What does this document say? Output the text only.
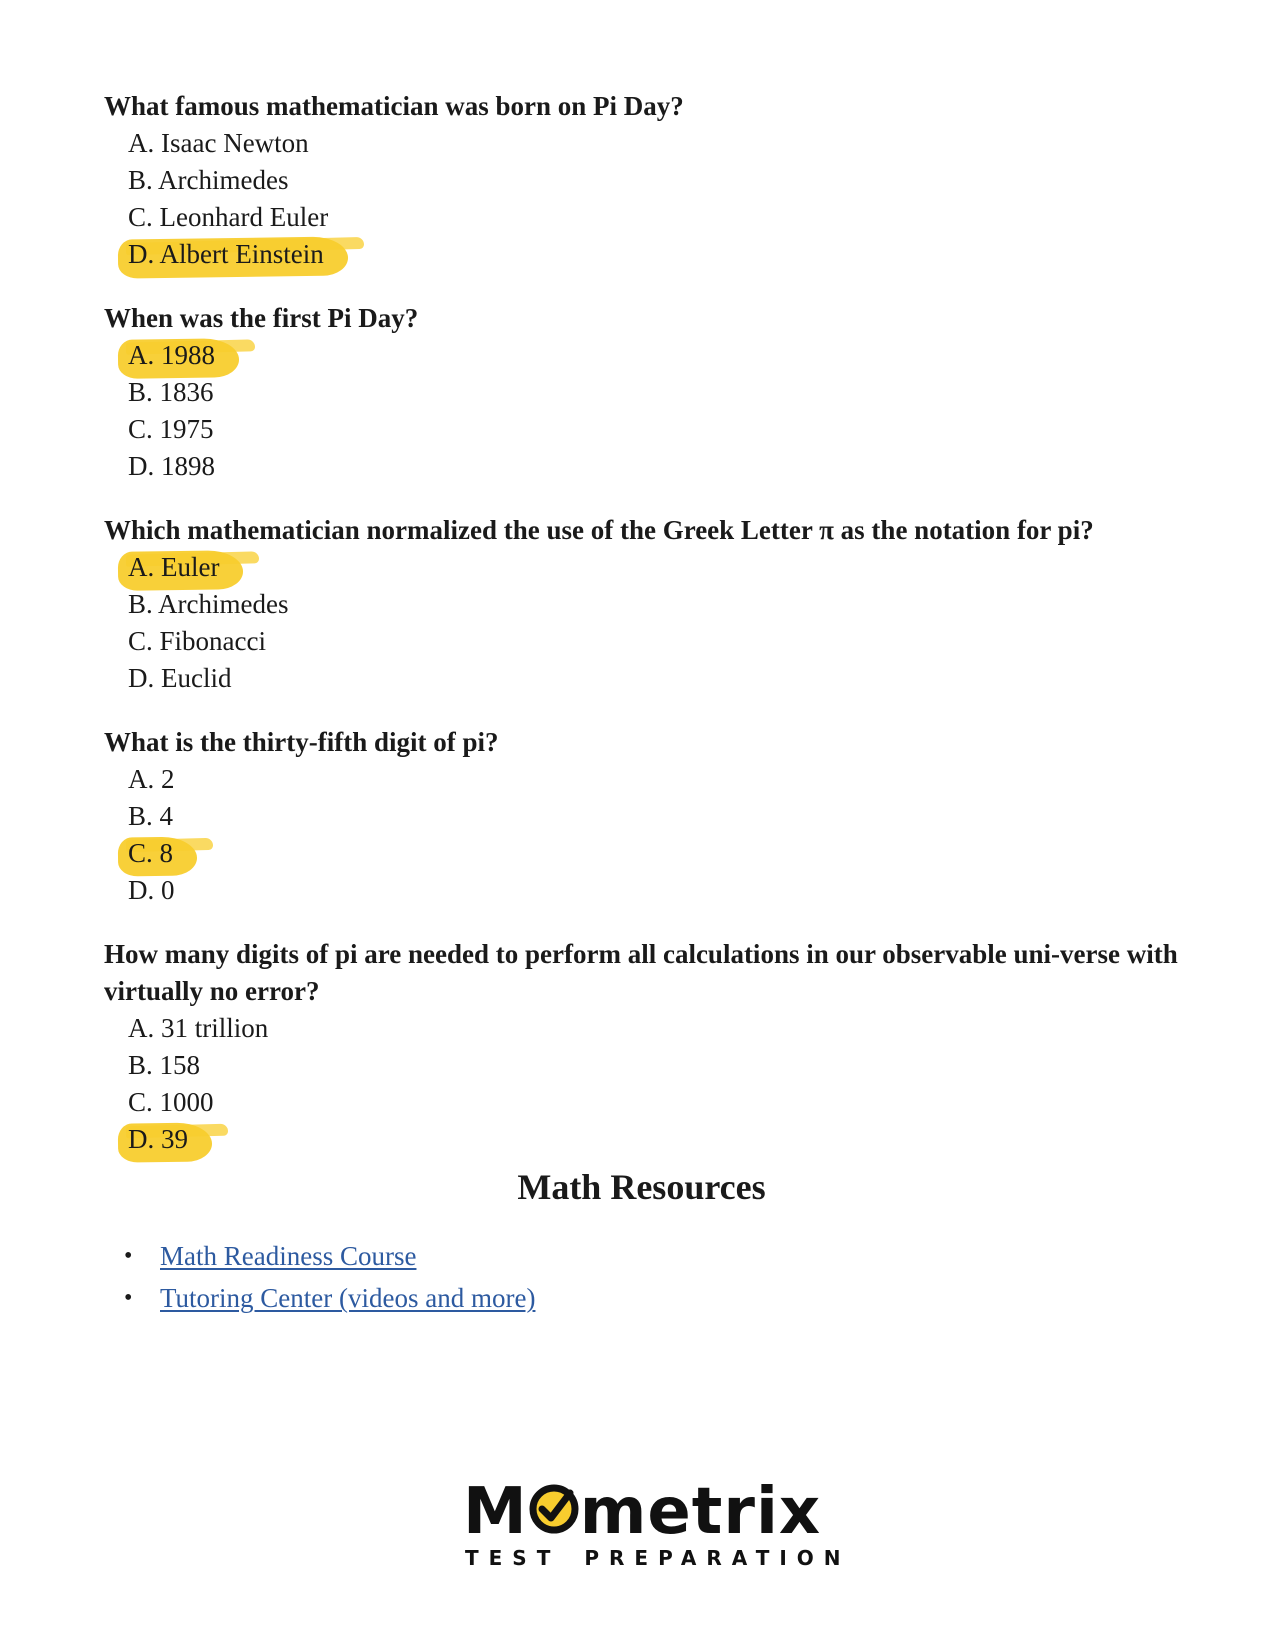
What famous mathematician was born on Pi Day?

A. Isaac Newton
B. Archimedes
C. Leonhard Euler
D. Albert Einstein

When was the first Pi Day?

A. 1988
B. 1836
C. 1975
D. 1898

Which mathematician normalized the use of the Greek Letter π as the notation for pi?

A. Euler
B. Archimedes
C. Fibonacci
D. Euclid

What is the thirty-fifth digit of pi?

A. 2
B. 4
C. 8
D. 0

How many digits of pi are needed to perform all calculations in our observable uni-verse with virtually no error?

A. 31 trillion
B. 158
C. 1000
D. 39
Math Resources
•	Math Readiness Course
•	Tutoring Center (videos and more)
M metrix
TEST PREPARATION
